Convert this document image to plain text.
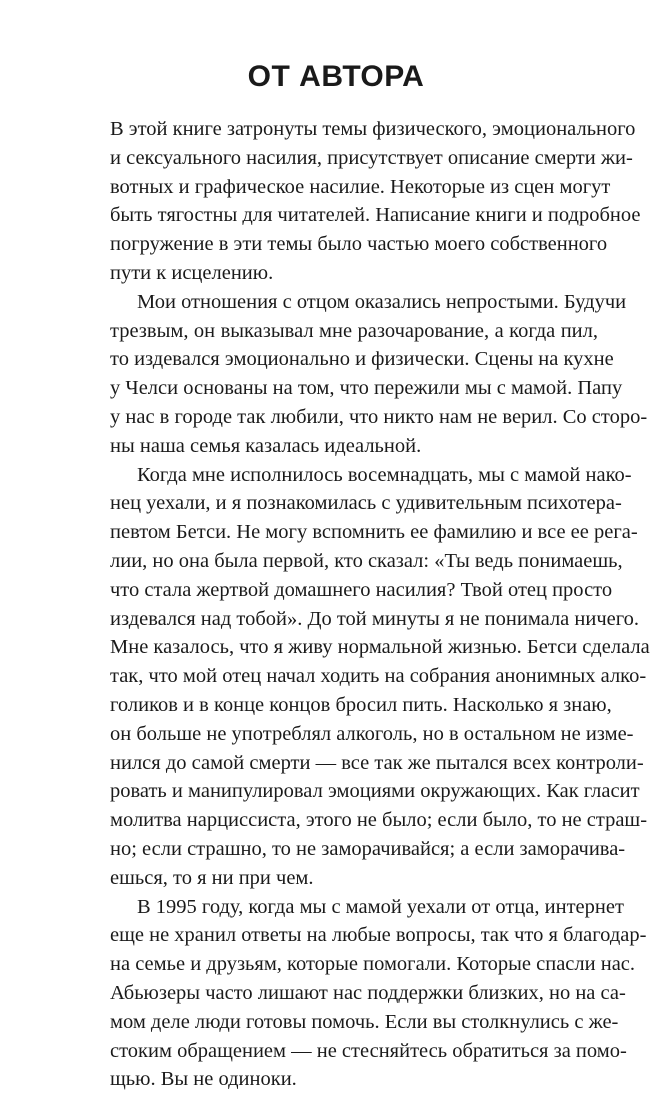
ОТ АВТОРА
В этой книге затронуты темы физического, эмоционального
и сексуального насилия, присутствует описание смерти жи-
вотных и графическое насилие. Некоторые из сцен могут
быть тягостны для читателей. Написание книги и подробное
погружение в эти темы было частью моего собственного
пути к исцелению.
Мои отношения с отцом оказались непростыми. Будучи
трезвым, он выказывал мне разочарование, а когда пил,
то издевался эмоционально и физически. Сцены на кухне
у Челси основаны на том, что пережили мы с мамой. Папу
у нас в городе так любили, что никто нам не верил. Со сторо-
ны наша семья казалась идеальной.
Когда мне исполнилось восемнадцать, мы с мамой нако-
нец уехали, и я познакомилась с удивительным психотера-
певтом Бетси. Не могу вспомнить ее фамилию и все ее рега-
лии, но она была первой, кто сказал: «Ты ведь понимаешь,
что стала жертвой домашнего насилия? Твой отец просто
издевался над тобой». До той минуты я не понимала ничего.
Мне казалось, что я живу нормальной жизнью. Бетси сделала
так, что мой отец начал ходить на собрания анонимных алко-
голиков и в конце концов бросил пить. Насколько я знаю,
он больше не употреблял алкоголь, но в остальном не изме-
нился до самой смерти — все так же пытался всех контроли-
ровать и манипулировал эмоциями окружающих. Как гласит
молитва нарциссиста, этого не было; если было, то не страш-
но; если страшно, то не заморачивайся; а если заморачива-
ешься, то я ни при чем.
В 1995 году, когда мы с мамой уехали от отца, интернет
еще не хранил ответы на любые вопросы, так что я благодар-
на семье и друзьям, которые помогали. Которые спасли нас.
Абьюзеры часто лишают нас поддержки близких, но на са-
мом деле люди готовы помочь. Если вы столкнулись с же-
стоким обращением — не стесняйтесь обратиться за помо-
щью. Вы не одиноки.
